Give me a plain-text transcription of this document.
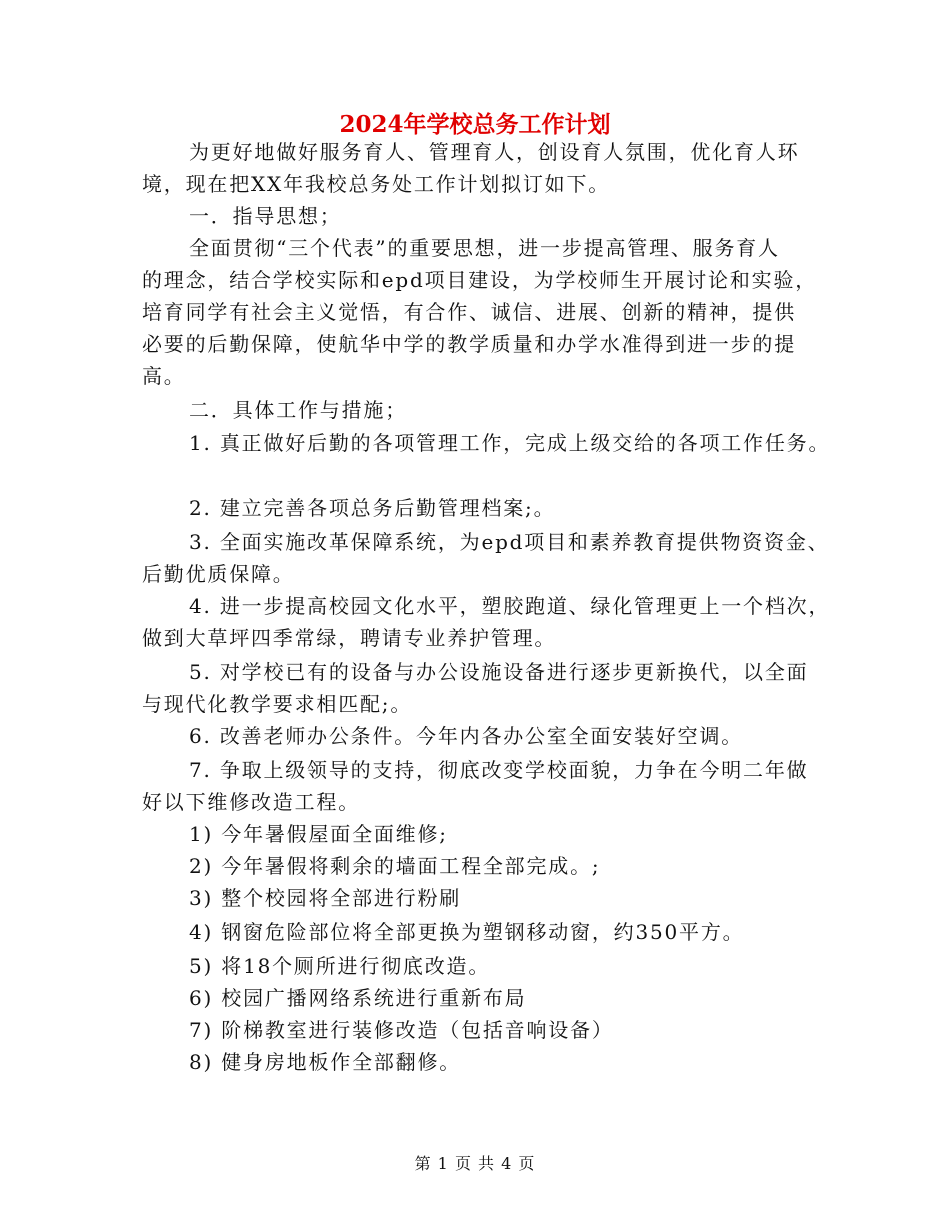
2024年学校总务工作计划
为更好地做好服务育人、管理育人，创设育人氛围，优化育人环
境，现在把XX年我校总务处工作计划拟订如下。
一．指导思想；
全面贯彻“三个代表”的重要思想，进一步提高管理、服务育人
的理念，结合学校实际和epd项目建设，为学校师生开展讨论和实验，
培育同学有社会主义觉悟，有合作、诚信、进展、创新的精神，提供
必要的后勤保障，使航华中学的教学质量和办学水准得到进一步的提
高。
二．具体工作与措施；
1. 真正做好后勤的各项管理工作，完成上级交给的各项工作任务。
2. 建立完善各项总务后勤管理档案;。
3. 全面实施改革保障系统，为epd项目和素养教育提供物资资金、
后勤优质保障。
4. 进一步提高校园文化水平，塑胶跑道、绿化管理更上一个档次，
做到大草坪四季常绿，聘请专业养护管理。
5. 对学校已有的设备与办公设施设备进行逐步更新换代，以全面
与现代化教学要求相匹配;。
6. 改善老师办公条件。今年内各办公室全面安装好空调。
7. 争取上级领导的支持，彻底改变学校面貌，力争在今明二年做
好以下维修改造工程。
1) 今年暑假屋面全面维修;
2) 今年暑假将剩余的墙面工程全部完成。;
3) 整个校园将全部进行粉刷
4) 钢窗危险部位将全部更换为塑钢移动窗，约350平方。
5) 将18个厕所进行彻底改造。
6) 校园广播网络系统进行重新布局
7) 阶梯教室进行装修改造（包括音响设备）
8) 健身房地板作全部翻修。
第 1 页 共 4 页
